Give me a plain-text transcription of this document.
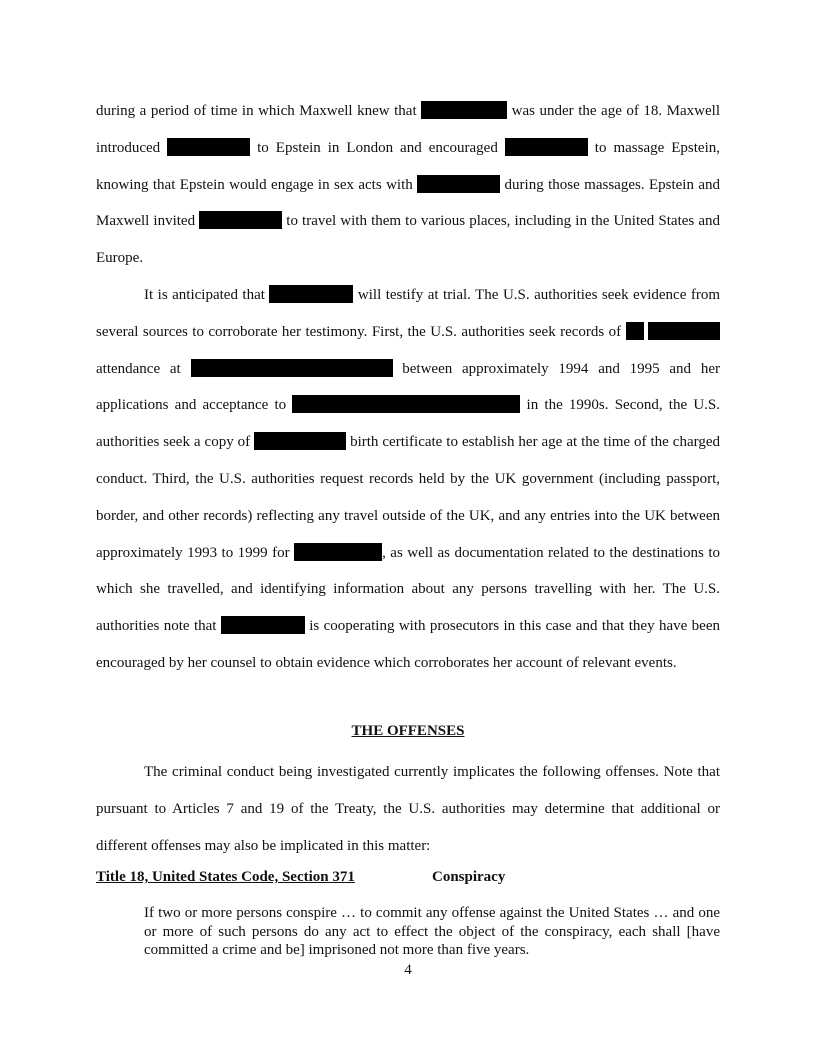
during a period of time in which Maxwell knew that	was under the age of 18. Maxwell introduced	to Epstein in London and encouraged	to massage Epstein, knowing that Epstein would engage in sex acts with	during those massages. Epstein and Maxwell invited	to travel with them to various places, including in the United States and Europe.

It is anticipated that	will testify at trial. The U.S. authorities seek evidence from several sources to corroborate her testimony. First, the U.S. authorities seek records of   attendance at	between approximately 1994 and 1995 and her applications and acceptance to	in the 1990s. Second, the U.S. authorities seek a copy of	birth certificate to establish her age at the time of the charged conduct. Third, the U.S. authorities request records held by the UK government (including passport, border, and other records) reflecting any travel outside of the UK, and any entries into the UK between approximately 1993 to 1999 for	, as well as documentation related to the destinations to which she travelled, and identifying information about any persons travelling with her. The U.S. authorities note that	is cooperating with prosecutors in this case and that they have been encouraged by her counsel to obtain evidence which corroborates her account of relevant events.

THE OFFENSES

The criminal conduct being investigated currently implicates the following offenses. Note that pursuant to Articles 7 and 19 of the Treaty, the U.S. authorities may determine that additional or different offenses may also be implicated in this matter:

Title 18, United States Code, Section 371	Conspiracy

If two or more persons conspire … to commit any offense against the United States … and one or more of such persons do any act to effect the object of the conspiracy, each shall [have committed a crime and be] imprisoned not more than five years.

4
